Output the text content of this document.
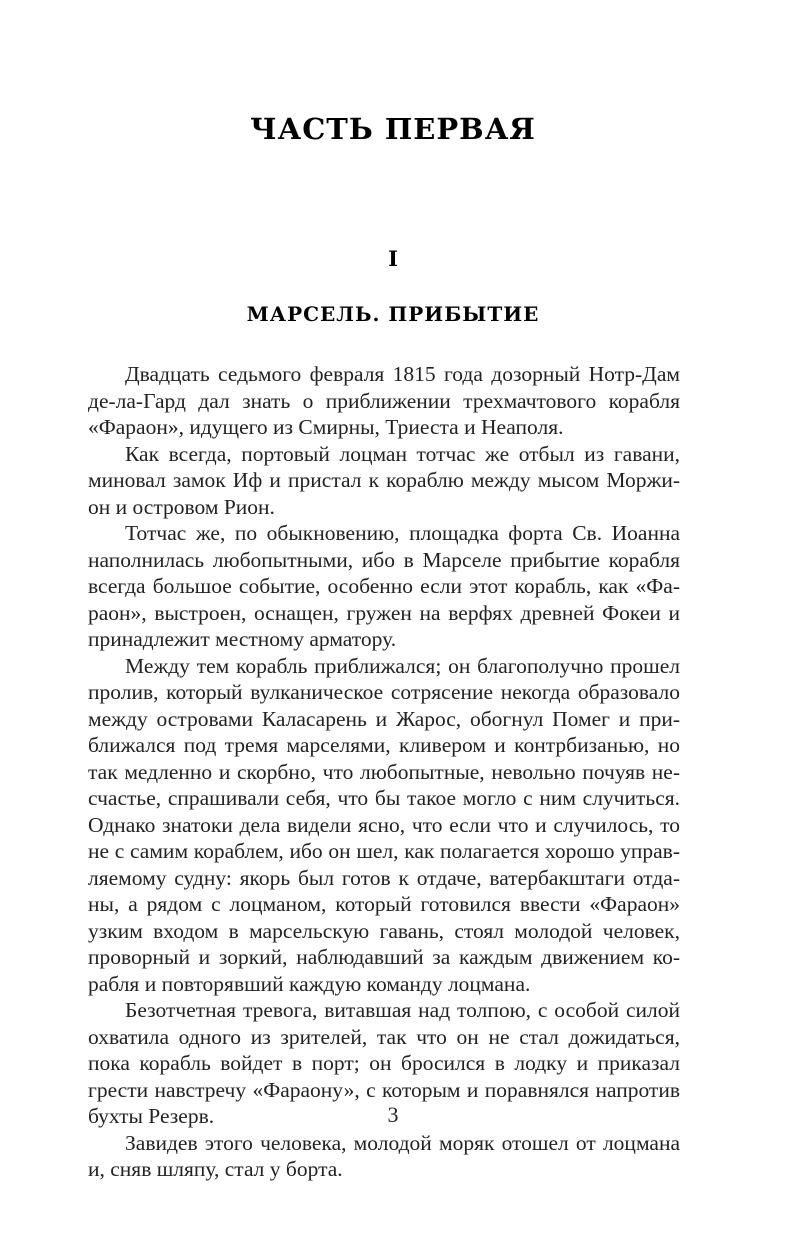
ЧАСТЬ ПЕРВАЯ
I
МАРСЕЛЬ. ПРИБЫТИЕ
Двадцать седьмого февраля 1815 года дозорный Нотр-Дам
де-ла-Гард дал знать о приближении трехмачтового корабля
«Фараон», идущего из Смирны, Триеста и Неаполя.
Как всегда, портовый лоцман тотчас же отбыл из гавани,
миновал замок Иф и пристал к кораблю между мысом Моржи-
он и островом Рион.
Тотчас же, по обыкновению, площадка форта Св. Иоанна
наполнилась любопытными, ибо в Марселе прибытие корабля
всегда большое событие, особенно если этот корабль, как «Фа-
раон», выстроен, оснащен, гружен на верфях древней Фокеи и
принадлежит местному арматору.
Между тем корабль приближался; он благополучно прошел
пролив, который вулканическое сотрясение некогда образовало
между островами Каласарень и Жарос, обогнул Помег и при-
ближался под тремя марселями, кливером и контрбизанью, но
так медленно и скорбно, что любопытные, невольно почуяв не-
счастье, спрашивали себя, что бы такое могло с ним случиться.
Однако знатоки дела видели ясно, что если что и случилось, то
не с самим кораблем, ибо он шел, как полагается хорошо управ-
ляемому судну: якорь был готов к отдаче, ватербакштаги отда-
ны, а рядом с лоцманом, который готовился ввести «Фараон»
узким входом в марсельскую гавань, стоял молодой человек,
проворный и зоркий, наблюдавший за каждым движением ко-
рабля и повторявший каждую команду лоцмана.
Безотчетная тревога, витавшая над толпою, с особой силой
охватила одного из зрителей, так что он не стал дожидаться,
пока корабль войдет в порт; он бросился в лодку и приказал
грести навстречу «Фараону», с которым и поравнялся напротив
бухты Резерв.
Завидев этого человека, молодой моряк отошел от лоцмана
и, сняв шляпу, стал у борта.
3
